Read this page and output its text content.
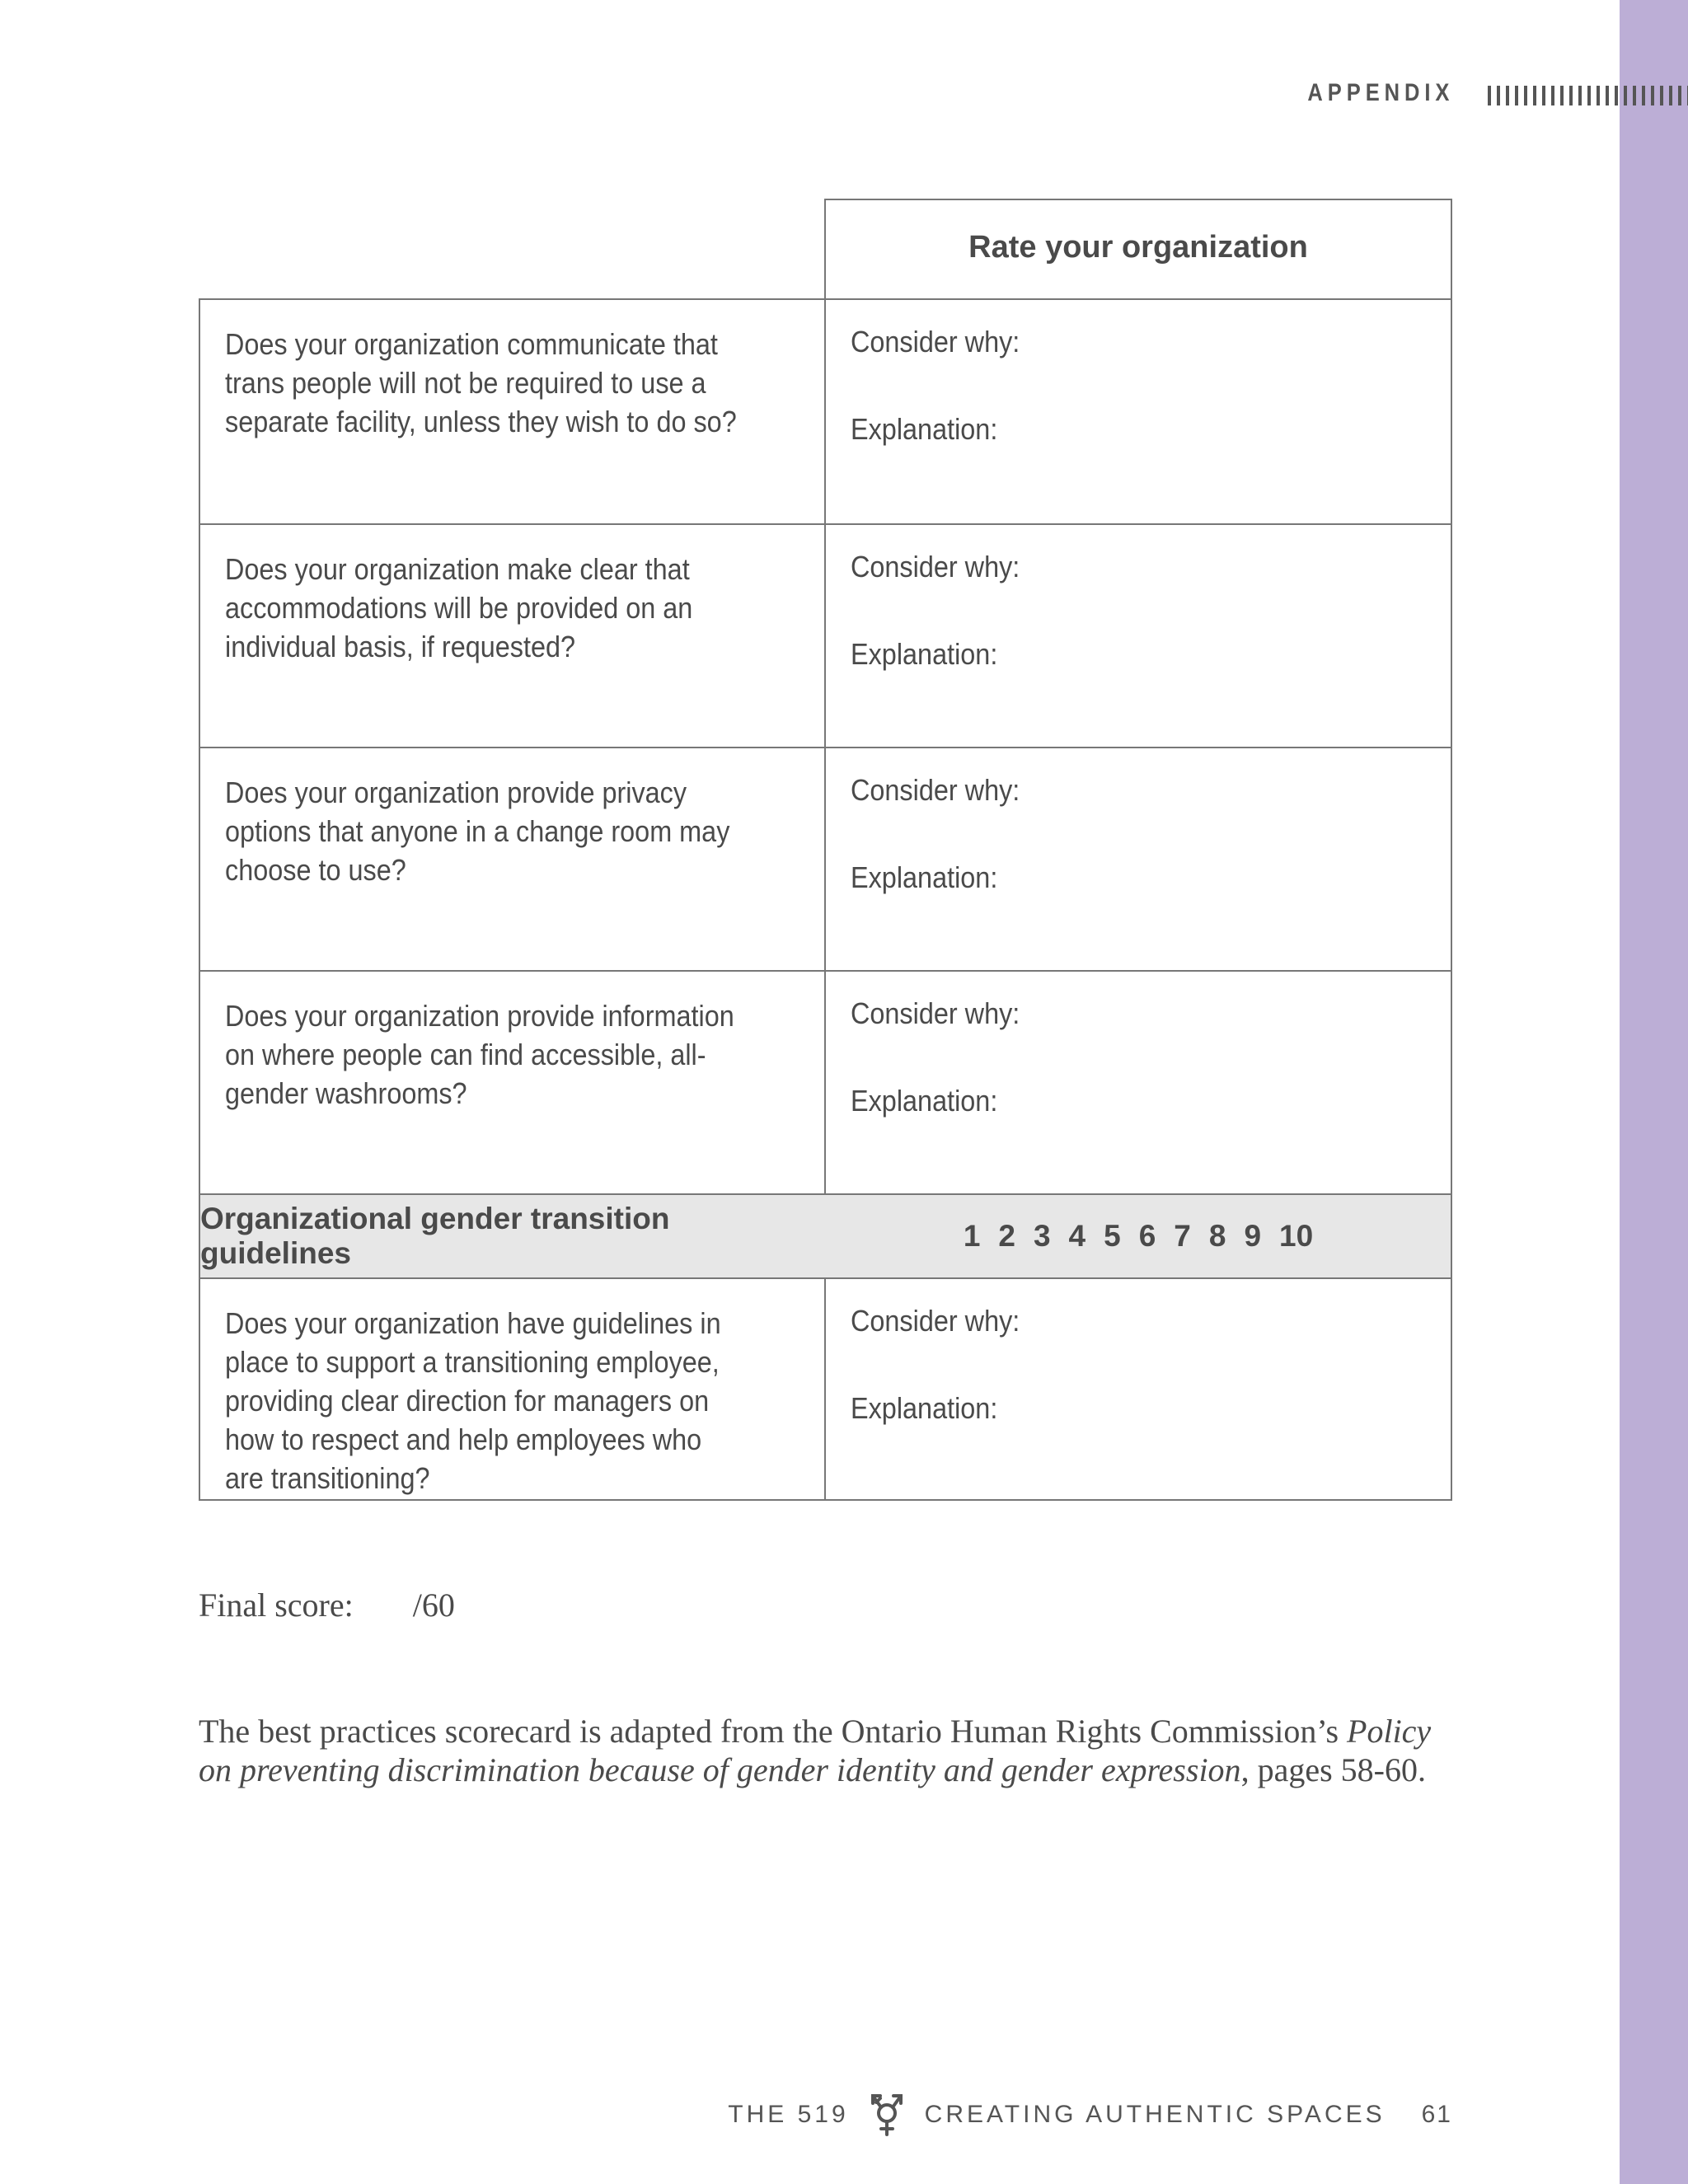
APPENDIX
Rate your organization
Does your organization communicate that trans people will not be required to use a separate facility, unless they wish to do so?
Consider why:
Explanation:
Does your organization make clear that accommodations will be provided on an individual basis, if requested?
Consider why:
Explanation:
Does your organization provide privacy options that anyone in a change room may choose to use?
Consider why:
Explanation:
Does your organization provide information on where people can find accessible, all-gender washrooms?
Consider why:
Explanation:
Organizational gender transition guidelines
1 2 3 4 5 6 7 8 9 10
Does your organization have guidelines in place to support a transitioning employee, providing clear direction for managers on how to respect and help employees who are transitioning?
Consider why:
Explanation:
Final score: /60
The best practices scorecard is adapted from the Ontario Human Rights Commission’s Policy on preventing discrimination because of gender identity and gender expression, pages 58-60.
THE 519	CREATING AUTHENTIC SPACES 61
